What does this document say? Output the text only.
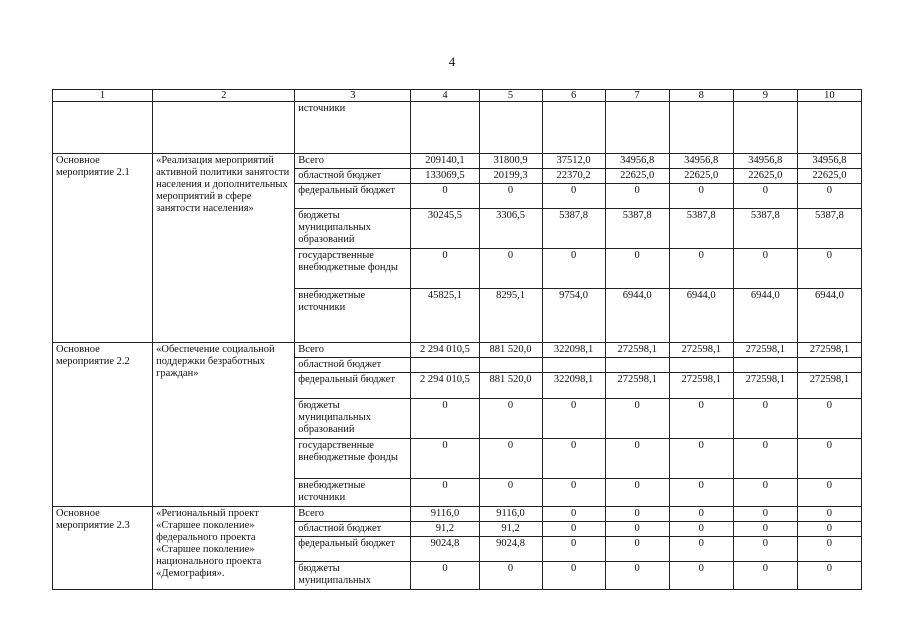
4
1	2	3	4	5	6	7	8	9	10
		источники							
Основное мероприятие 2.1	«Реализация мероприятий активной политики занятости населения и дополнительных мероприятий в сфере занятости населения»	Всего	209140,1	31800,9	37512,0	34956,8	34956,8	34956,8	34956,8
		областной бюджет	133069,5	20199,3	22370,2	22625,0	22625,0	22625,0	22625,0
		федеральный бюджет	0	0	0	0	0	0	0
		бюджеты муниципальных образований	30245,5	3306,5	5387,8	5387,8	5387,8	5387,8	5387,8
		государственные внебюджетные фонды	0	0	0	0	0	0	0
		внебюджетные источники	45825,1	8295,1	9754,0	6944,0	6944,0	6944,0	6944,0
Основное мероприятие 2.2	«Обеспечение социальной поддержки безработных граждан»	Всего	2 294 010,5	881 520,0	322098,1	272598,1	272598,1	272598,1	272598,1
		областной бюджет							
		федеральный бюджет	2 294 010,5	881 520,0	322098,1	272598,1	272598,1	272598,1	272598,1
		бюджеты муниципальных образований	0	0	0	0	0	0	0
		государственные внебюджетные фонды	0	0	0	0	0	0	0
		внебюджетные источники	0	0	0	0	0	0	0
Основное мероприятие 2.3	«Региональный проект «Старшее поколение» федерального проекта «Старшее поколение» национального проекта «Демография».	Всего	9116,0	9116,0	0	0	0	0	0
		областной бюджет	91,2	91,2	0	0	0	0	0
		федеральный бюджет	9024,8	9024,8	0	0	0	0	0
		бюджеты муниципальных	0	0	0	0	0	0	0
